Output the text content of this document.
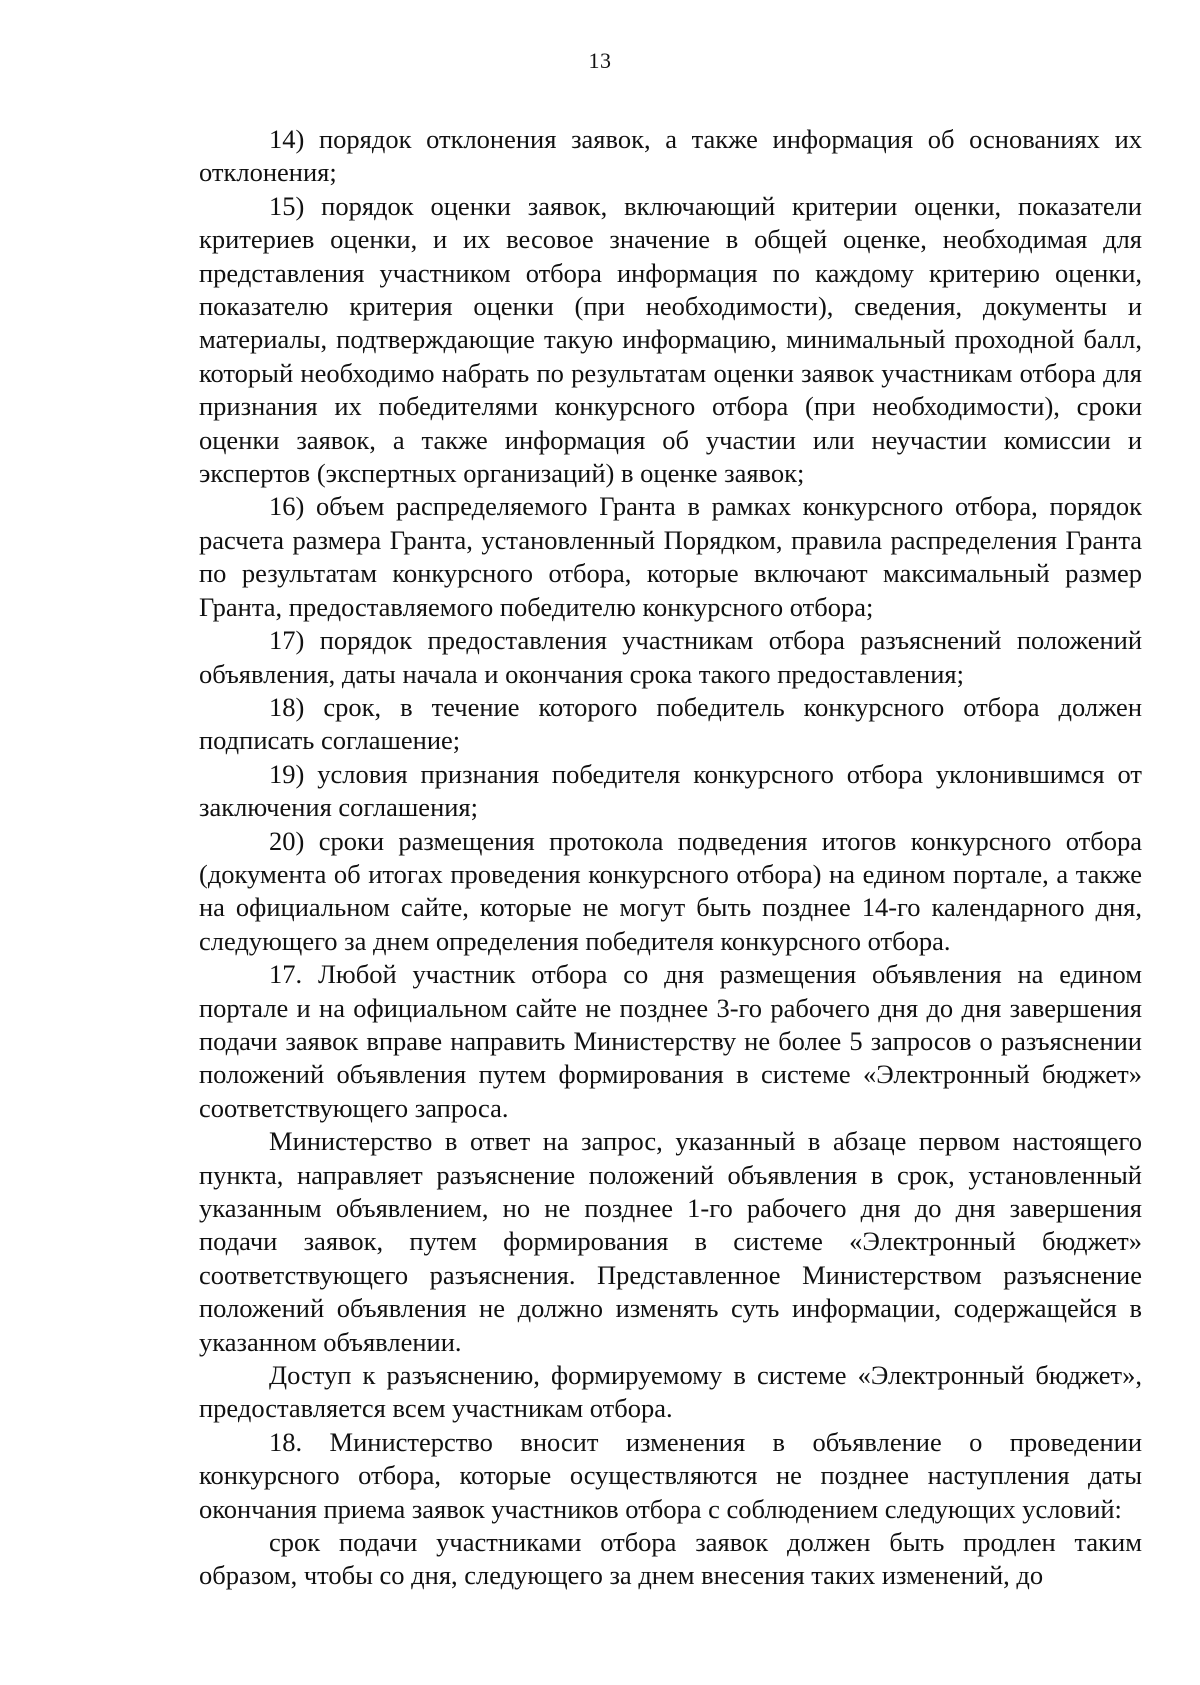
13

14) порядок отклонения заявок, а также информация об основаниях их отклонения;

15) порядок оценки заявок, включающий критерии оценки, показатели критериев оценки, и их весовое значение в общей оценке, необходимая для представления участником отбора информация по каждому критерию оценки, показателю критерия оценки (при необходимости), сведения, документы и материалы, подтверждающие такую информацию, минимальный проходной балл, который необходимо набрать по результатам оценки заявок участникам отбора для признания их победителями конкурсного отбора (при необходимости), сроки оценки заявок, а также информация об участии или неучастии комиссии и экспертов (экспертных организаций) в оценке заявок;

16) объем распределяемого Гранта в рамках конкурсного отбора, порядок расчета размера Гранта, установленный Порядком, правила распределения Гранта по результатам конкурсного отбора, которые включают максимальный размер Гранта, предоставляемого победителю конкурсного отбора;

17) порядок предоставления участникам отбора разъяснений положений объявления, даты начала и окончания срока такого предоставления;

18) срок, в течение которого победитель конкурсного отбора должен подписать соглашение;

19) условия признания победителя конкурсного отбора уклонившимся от заключения соглашения;

20) сроки размещения протокола подведения итогов конкурсного отбора (документа об итогах проведения конкурсного отбора) на едином портале, а также на официальном сайте, которые не могут быть позднее 14-го календарного дня, следующего за днем определения победителя конкурсного отбора.

17. Любой участник отбора со дня размещения объявления на едином портале и на официальном сайте не позднее 3-го рабочего дня до дня завершения подачи заявок вправе направить Министерству не более 5 запросов о разъяснении положений объявления путем формирования в системе «Электронный бюджет» соответствующего запроса.

Министерство в ответ на запрос, указанный в абзаце первом настоящего пункта, направляет разъяснение положений объявления в срок, установленный указанным объявлением, но не позднее 1-го рабочего дня до дня завершения подачи заявок, путем формирования в системе «Электронный бюджет» соответствующего разъяснения. Представленное Министерством разъяснение положений объявления не должно изменять суть информации, содержащейся в указанном объявлении.

Доступ к разъяснению, формируемому в системе «Электронный бюджет», предоставляется всем участникам отбора.

18. Министерство вносит изменения в объявление о проведении конкурсного отбора, которые осуществляются не позднее наступления даты окончания приема заявок участников отбора с соблюдением следующих условий:

срок подачи участниками отбора заявок должен быть продлен таким образом, чтобы со дня, следующего за днем внесения таких изменений, до
